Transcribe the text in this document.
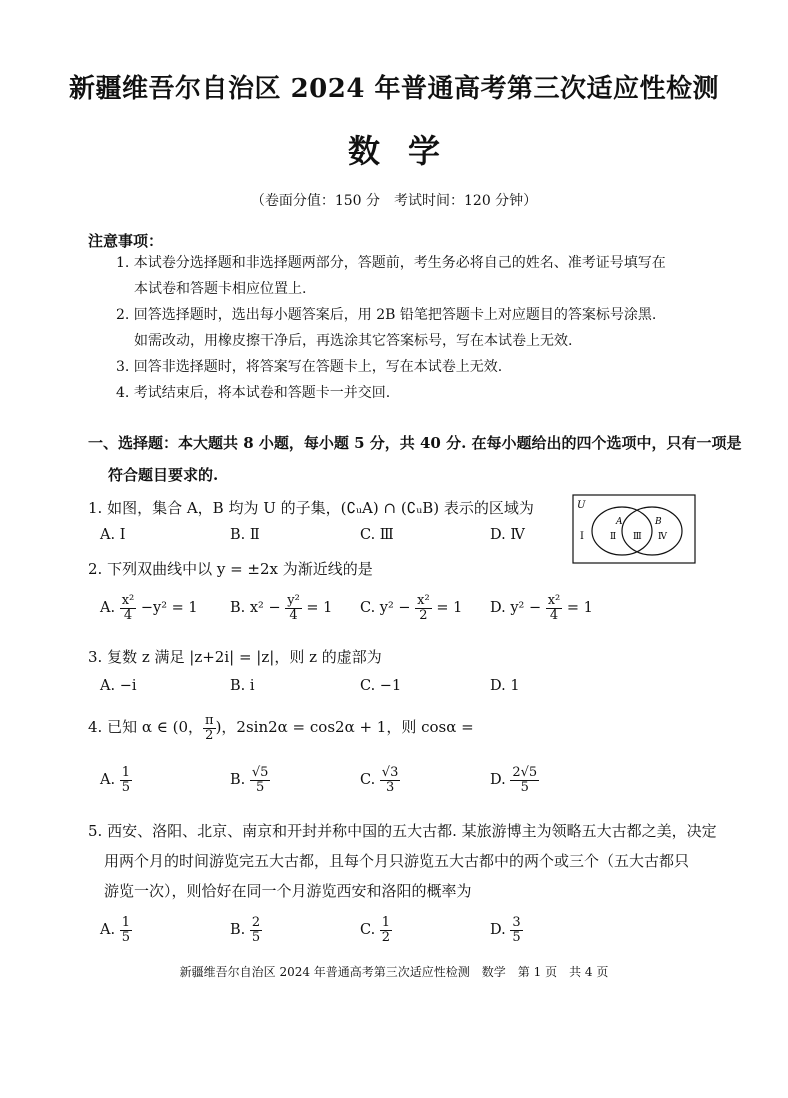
新疆维吾尔自治区 2024 年普通高考第三次适应性检测
数学
（卷面分值：150 分　考试时间：120 分钟）
注意事项：
1. 本试卷分选择题和非选择题两部分，答题前，考生务必将自己的姓名、准考证号填写在
本试卷和答题卡相应位置上.
2. 回答选择题时，选出每小题答案后，用 2B 铅笔把答题卡上对应题目的答案标号涂黑.
如需改动，用橡皮擦干净后，再选涂其它答案标号，写在本试卷上无效.
3. 回答非选择题时，将答案写在答题卡上，写在本试卷上无效.
4. 考试结束后，将本试卷和答题卡一并交回.
一、选择题：本大题共 8 小题，每小题 5 分，共 40 分. 在每小题给出的四个选项中，只有一项是
符合题目要求的.
1. 如图，集合 A，B 均为 U 的子集，(∁ᵤA) ∩ (∁ᵤB) 表示的区域为
A. Ⅰ	B. Ⅱ	C. Ⅲ	D. Ⅳ
U
A	B
Ⅰ	Ⅱ Ⅲ Ⅳ
2. 下列双曲线中以 y = ±2x 为渐近线的是
A. $\frac{\text{x²}}{4} -y^2 = 1$	B. $x^2 - \frac{\text{y²}}{4} = 1$	C. $y^2 - \frac{\text{x²}}{2} = 1$	D. $y^2 - \frac{\text{x²}}{4} = 1$
3. 复数 z 满足 |z+2i| = |z|，则 z 的虚部为
A. −i	B. i	C. −1	D. 1
4. 已知 α ∈ (0， $\frac{\pi}{2}$ )，2sin2α = cos2α + 1，则 cosα =
A. $\frac{1}{5}$	B. $\frac{√5}{5}$	C. $\frac{√3}{3}$	D. $\frac{2√5}{5}$
5. 西安、洛阳、北京、南京和开封并称中国的五大古都. 某旅游博主为领略五大古都之美，决定
用两个月的时间游览完五大古都，且每个月只游览五大古都中的两个或三个（五大古都只
游览一次），则恰好在同一个月游览西安和洛阳的概率为
A. $\frac{1}{5}$	B. $\frac{2}{5}$	C. $\frac{1}{2}$	D. $\frac{3}{5}$
新疆维吾尔自治区 2024 年普通高考第三次适应性检测　数学　第 1 页　共 4 页
